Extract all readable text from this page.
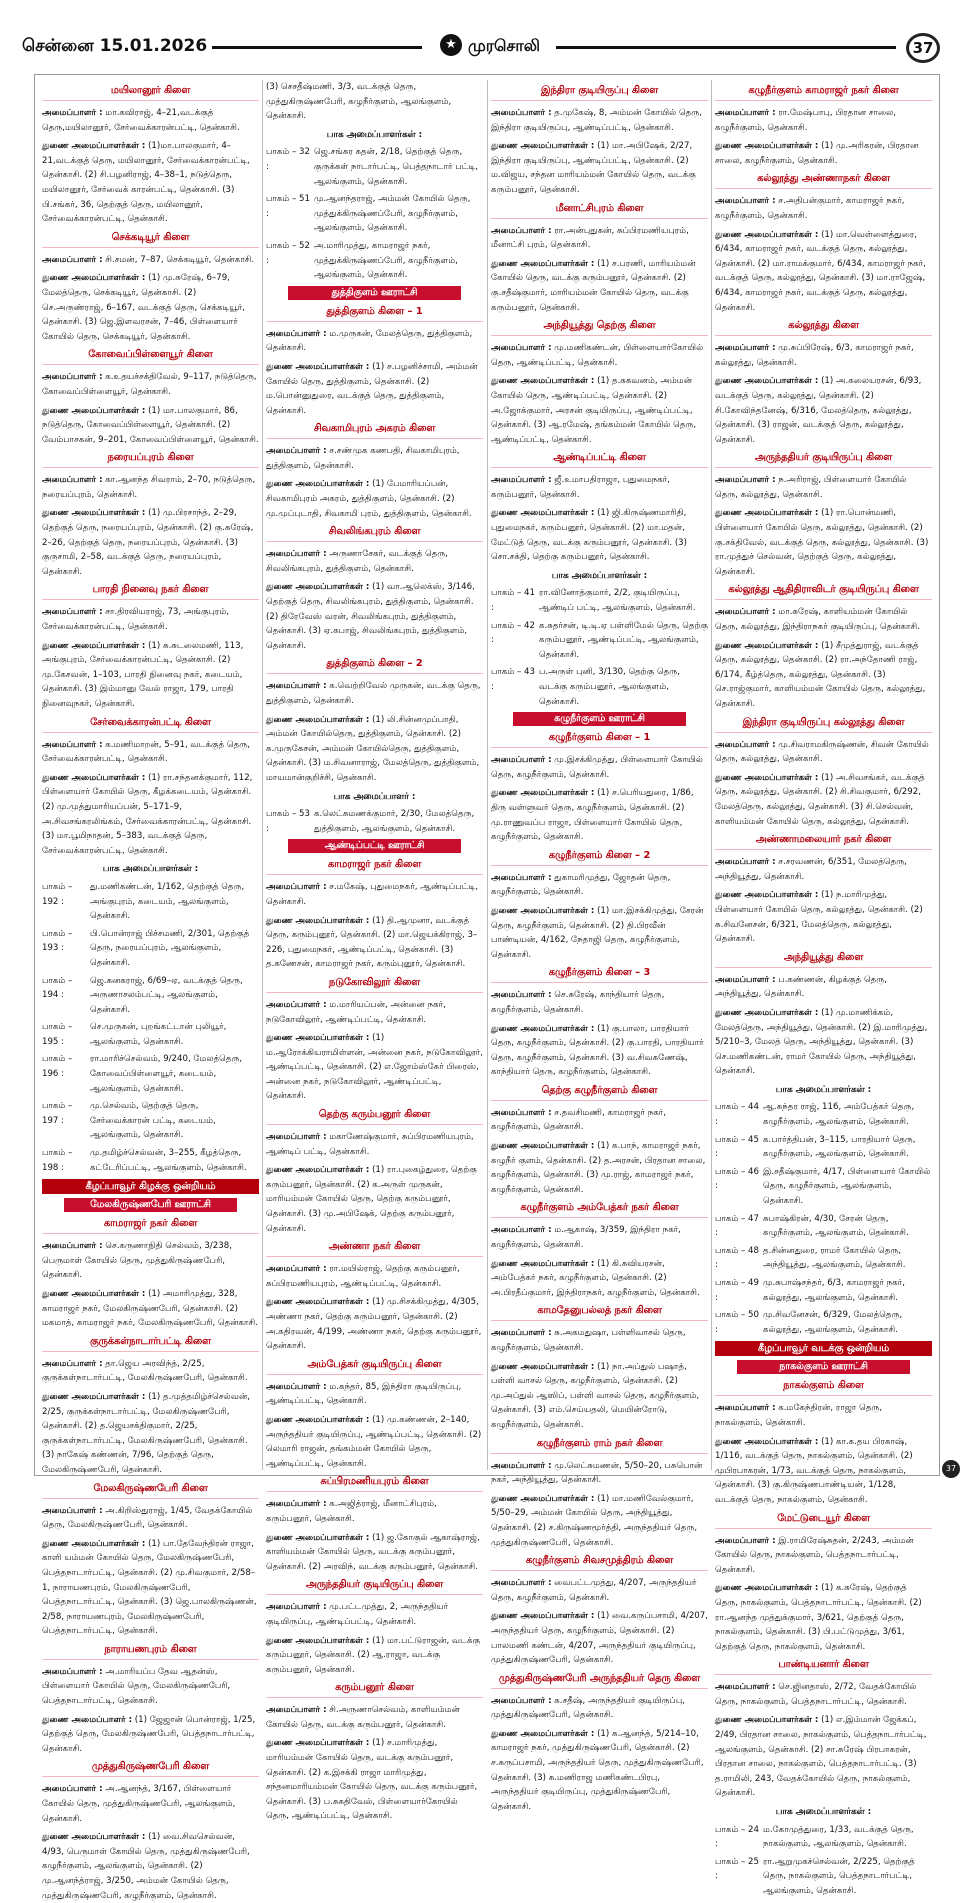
சென்னை 15.01.2026	★ முரசொலி	37
மயிலானூர் கிளை
அமைப்பாளர் : மா.கவிராஜ், 4–21,வடக்குத் தெரு,மயிலானூர், சேர்வைக்காரன்பட்டி, தென்காசி.
துணை அமைப்பாளர்கள் : (1)மா.பாலகுமார், 4–21,வடக்குத் தெரு, மயிலானூர், சேர்வைக்காரன்பட்டி, தென்காசி. (2) சி.பழனிராஜ், 4–38–1, நடுத்தெரு, மயிலானூர், சேர்வைக் காரன்பட்டி, தென்காசி. (3) பி.சங்கர், 36, தெற்குத் தெரு, மயிலானூர், சேர்வைக்காரன்பட்டி, தென்காசி.
செக்கடியூர் கிளை
அமைப்பாளர் : சி.சமன், 7–87, செக்கடியூர், தென்காசி.
துணை அமைப்பாளர்கள் : (1) மு.சுரேஷ், 6–79, மேலத்தெரு, செக்கடியூர், தென்காசி. (2) செ.அருண்ராஜ், 6–167, வடக்குத் தெரு, செக்கடியூர், தென்காசி. (3) ஜெ.இளவரசன், 7–46, பிள்ளையார் கோயில் தெரு, செக்கடியூர், தென்காசி.
கோவைப்பிள்ளையூர் கிளை
அமைப்பாளர் : க.உதயச்சக்திவேல், 9–117, நடுத்தெரு, கோவைப்பிள்ளையூர், தென்காசி.
துணை அமைப்பாளர்கள் : (1) மா.பாலகுமார், 86, நடுத்தெரு, கோவைப்பிள்ளையூர், தென்காசி. (2) வேம்பாசகன், 9–201, கோவைப்பிள்ளையூர், தென்காசி.
நரையப்புரம் கிளை
அமைப்பாளர் : கா.ஆனந்த சிவராம், 2–70, நடுத்தெரு, நரையப்புரம், தென்காசி.
துணை அமைப்பாளர்கள் : (1) மு.பிரசாந்த், 2–29, தெற்குத் தெரு, நரையப்புரம், தென்காசி. (2) கு.சுரேஷ், 2–26, தெற்குத் தெரு, நரையப்புரம், தென்காசி. (3) குருசாமி, 2–58, வடக்குத் தெரு, நரையப்புரம், தென்காசி.
பாரதி நினைவு நகர் கிளை
அமைப்பாளர் : சா.திரவியராஜ், 73, அங்குபுரம், சேர்வைக்காரன்பட்டி, தென்காசி.
துணை அமைப்பாளர்கள் : (1) சு.சுடலைமணி, 113, அங்குபுரம், சேர்வைக்காரன்பட்டி, தென்காசி. (2) மு.கேசவன், 1–103, பாரதி நினைவு நகர், கடையம், தென்காசி. (3) இம்மானு வேல் ராஜா, 179, பாரதி நினைவுநகர், தென்காசி.
சேர்வைக்காரன்பட்டி கிளை
அமைப்பாளர் : க.மணிமாறன், 5–91, வடக்குத் தெரு, சேர்வைக்காரன்பட்டி, தென்காசி.
துணை அமைப்பாளர்கள் : (1) ரா.சந்தனக்குமார், 112, பிள்ளையார் கோயில் தெரு, கீழக்கடையம், தென்காசி. (2) மு.முத்துமாரியப்பன், 5–171–9, அ.சிவசங்கரலிங்கம், சேர்வைக்காரன்பட்டி, தென்காசி. (3) மா.பூமிநாதன், 5–383, வடக்குத் தெரு, சேர்வைக்காரன்பட்டி, தென்காசி.
பாக அமைப்பாளர்கள் :
பாகம் – 192 :
து.மணிகண்டன், 1/162, தெற்குத் தெரு, அங்குபுரம், கடையம், ஆலங்குளம், தென்காசி.
பாகம் – 193 :
பி.பொன்ராஜ் பிச்சமணி, 2/301, தெற்குத் தெரு, நரையப்புரம், ஆலங்குளம், தென்காசி.
பாகம் – 194 :
ஜெ.கனகராஜ், 6/69–ஏ, வடக்குத் தெரு, அருணாசலம்பட்டி, ஆலங்குளம், தென்காசி.
பாகம் – 195 :
செ.முருகன், புறங்கட்டான் புலியூர், ஆலங்குளம், தென்காசி.
பாகம் – 196 :
ரா.மாரிச்செல்வம், 9/240, மேலத்தெரு, கோவைப்பிள்ளையூர், கடையம், ஆலங்குளம், தென்காசி.
பாகம் – 197 :
மு.செல்வம், தெற்குத் தெரு, சேர்வைக்காரன் பட்டி, கடையம், ஆலங்குளம், தென்காசி.
பாகம் – 198 :
மு.தமிழ்ச்செல்வன், 3–255, கீழத்தெரு, கட்டேரிப்பட்டி, ஆலங்குளம், தென்காசி.
கீழப்பாவூர் கிழக்கு ஒன்றியம்
மேலகிருஷ்ணபேரி ஊராட்சி
காமராஜர் நகர் கிளை
அமைப்பாளர் : செ.கருணாநிதி செல்வம், 3/238, பெருமாள் கோயில் தெரு, முத்துகிருஷ்ணபேரி, தென்காசி.
துணை அமைப்பாளர்கள் : (1) அமாரிமுத்து, 328, காமராஜர் நகர், மேலகிருஷ்ணபேரி, தென்காசி. (2) மகமாத், காமராஜர் நகர், மேலகிருஷ்ணபேரி, தென்காசி.
குருக்கள்நாடார்பட்டி கிளை
அமைப்பாளர் : தா.ஜெய அரவிந்த், 2/25, குருக்கள்நாடார்பட்டி, மேலகிருஷ்ணபேரி, தென்காசி.
துணை அமைப்பாளர்கள் : (1) த.முத்தமிழ்ச்செல்வன், 2/25, குருக்கள்நாடார்பட்டி, மேலகிருஷ்ணபேரி, தென்காசி. (2) த.ஜெயசக்திகுமார், 2/25, குருக்கள்நாடார்பட்டி, மேலகிருஷ்ணபேரி, தென்காசி. (3) நாகேஷ் கண்ணன், 7/96, தெற்குத் தெரு, மேலகிருஷ்ணபேரி, தென்காசி.
மேலகிருஷ்ணபேரி கிளை
அமைப்பாளர் : அ.கிறிஸ்துராஜ், 1/45, வேதக்கோயில் தெரு, மேலகிருஷ்ணபேரி, தென்காசி.
துணை அமைப்பாளர்கள் : (1) பா.தேவேந்திரன் ராஜா, காளி யம்மன் கோயில் தெரு, மேலகிருஷ்ணபேரி, பெத்தநாடார்பட்டி, தென்காசி. (2) மு.சிவகுமார், 2/58–1, நாராயணபுரம், மேலகிருஷ்ணபேரி, பெத்தநாடார்பட்டி, தென்காசி. (3) ஜெ.பாலகிருஷ்ணன், 2/58, நாராயணபுரம், மேலகிருஷ்ணபேரி, பெத்தநாடார்பட்டி, தென்காசி.
நாராயணபுரம் கிளை
அமைப்பாளர் : அ.மாரியப்ப தேவ ஆதன்ஸ், பிள்ளையார் கோயில் தெரு, மேலகிருஷ்ணபேரி, பெத்தநாடார்பட்டி, தென்காசி.
துணை அமைப்பாளர் : (1) ஜேஜான் பொன்ராஜ், 1/25, தெற்குத் தெரு, மேலகிருஷ்ணபேரி, பெத்தநாடார்பட்டி, தென்காசி.
முத்துகிருஷ்ணபேரி கிளை
அமைப்பாளர் : அ.ஆனந்த், 3/167, பிள்ளையார் கோயில் தெரு, முத்துகிருஷ்ணபேரி, ஆலங்குளம், தென்காசி.
துணை அமைப்பாளர்கள் : (1) வை.சிவசெல்வன், 4/93, பெருமாள் கோயில் தெரு, முத்துகிருஷ்ணபேரி, கழுநீர்குளம், ஆலங்குளம், தென்காசி. (2) மு.ஆனந்த்ராஜ், 3/250, அம்மன் கோயில் தெரு, முத்துகிருஷ்ணபேரி, கழுநீர்குளம், தென்காசி.
(3) செசதீஷ்மணி, 3/3, வடக்குத் தெரு, முத்துகிருஷ்ணபேரி, கழுநீர்குளம், ஆலங்குளம், தென்காசி.
பாக அமைப்பாளர்கள் :
பாகம் – 32 :
ஜெ.சங்கர கதன், 2/18, தெற்குத் தெரு, குருக்கள் நாடார்பட்டி, பெத்தநாடார் பட்டி, ஆலங்குளம், தென்காசி.
பாகம் – 51 :
மு.ஆனந்தராஜ், அம்மன் கோயில் தெரு, முத்துக்கிருஷ்ணப்பேரி, கழுநீர்குளம், ஆலங்குளம், தென்காசி.
பாகம் – 52 :
அ.மாரிமுத்து, காமராஜர் நகர், முத்துக்கிருஷ்ணப்பேரி, கழுநீர்குளம், ஆலங்குளம், தென்காசி.
துத்திகுளம் ஊராட்சி
துத்திகுளம் கிளை – 1
அமைப்பாளர் : ம.முருகன், மேலத்தெரு, துத்திகுளம், தென்காசி.
துணை அமைப்பாளர்கள் : (1) ச.பழனிச்சாமி, அம்மன் கோயில் தெரு, துத்திகுளம், தென்காசி. (2) ம.பொன்னுதுரை, வடக்குத் தெரு, துத்திகுளம், தென்காசி.
சிவகாமிபுரம் அகரம் கிளை
அமைப்பாளர் : ச.சண்முக கணபதி, சிவகாமிபுரம், துத்திகுளம், தென்காசி.
துணை அமைப்பாளர்கள் : (1) பேமாரியப்பன், சிவகாமிபுரம் அகரம், துத்திகுளம், தென்காசி. (2) மு.முப்புடாதி, சிவகாமி புரம், துத்திகுளம், தென்காசி.
சிவலிங்கபுரம் கிளை
அமைப்பாளர் : அருணாசேகர், வடக்குத் தெரு, சிவலிங்கபுரம், துத்திகுளம், தென்காசி.
துணை அமைப்பாளர்கள் : (1) வா.ஆலெக்ஸ், 3/146, தெற்குத் தெரு, சிவலிங்கபுரம், துத்திகுளம், தென்காசி. (2) திரேவேஸ் வரன், சிவலிங்கபுரம், துத்திகுளம், தென்காசி. (3) ஏ.கபாஜ், சிவலிங்கபுரம், துத்திகுளம், தென்காசி.
துத்திகுளம் கிளை – 2
அமைப்பாளர் : க.வெற்றிவேல் முருகன், வடக்கு தெரு, துத்திகுளம், தென்காசி.
துணை அமைப்பாளர்கள் : (1) லி.சின்னமுப்பாதி, அம்மன் கோயில்தெரு, துத்திகுளம், தென்காசி. (2) க.முருகேசன், அம்மன் கோயில்தெரு, துத்திகுளம், தென்காசி. (3) ம.சிவனாராஜ், மேலத்தெரு, துத்திகுளம், மாயமான்குறிச்சி, தென்காசி.
பாக அமைப்பாளர் :
பாகம் – 53 :
க.லெட்சுமணக்குமார், 2/30, மேலத்தெரு, துத்திகுளம், ஆலங்குளம், தென்காசி.
ஆண்டிப்பட்டி ஊராட்சி
காமராஜர் நகர் கிளை
அமைப்பாளர் : ச.மகேஷ், புதுமைநகர், ஆண்டிப்பட்டி, தென்காசி.
துணை அமைப்பாளர்கள் : (1) தி.ஆமுனா, வடக்குத் தெரு, கரும்புனூர், தென்காசி. (2) மா.ஜெயக்கிராஜ், 3–226, புதுமைநகர், ஆண்டிப்பட்டி, தென்காசி. (3) த.கணேசன், காமராஜர் நகர், கரும்புனூர், தென்காசி.
நடுகோவிலூர் கிளை
அமைப்பாளர் : ம.மாரியப்பன், அன்னை நகர், நடுகோவிலூர், ஆண்டிப்பட்டி, தென்காசி.
துணை அமைப்பாளர்கள் : (1) ம.ஆரோக்கியராமிள்ளன், அன்னை நகர், நடுகோவிலூர், ஆண்டிப்பட்டி, தென்காசி. (2) எ.ஜோம்ஸ்கேர் பிரைஸ், அன்னை நகர், நடுகோவிலூர், ஆண்டிப்பட்டி, தென்காசி.
தெற்கு கரும்பனூர் கிளை
அமைப்பாளர் : மகாணேஷ்குமார், சுப்பிரமணியபுரம், ஆண்டிப் பட்டி, தென்காசி.
துணை அமைப்பாளர்கள் : (1) ரா.புகைழ்துரை, தெற்கு கரும்பனூர், தென்காசி. (2) க.அருள் முருகன், மாரியம்மன் கோயில் தெரு, தெற்கு கரும்பனூர், தென்காசி. (3) மு.அபிஷேக், தெற்கு கரும்பனூர், தென்காசி.
அண்ணா நகர் கிளை
அமைப்பாளர் : ரா.மயில்ராஜ், தெற்கு கரும்பனூர், சுப்பிரமணியபுரம், ஆண்டிப்பட்டி, தென்காசி.
துணை அமைப்பாளர்கள் : (1) மு.சிசக்கிமுத்து, 4/305, அண்ணா நகர், தெற்கு கரும்பனூர், தென்காசி. (2) அ.கதிரவன், 4/199, அண்ணா நகர், தெற்கு கரும்பனூர், தென்காசி.
அம்பேத்கர் குடியிருப்பு கிளை
அமைப்பாளர் : ம.கந்தர், 85, இந்திரா குடியிருப்பு, ஆண்டிப்பட்டி, தென்காசி.
துணை அமைப்பாளர்கள் : (1) மு.கண்ணன், 2–140, அருந்ததியர் குடியிருப்பு, ஆண்டிப்பட்டி, தென்காசி. (2) லெமாரி ராஜன், தங்கம்மன் கோயில் தெரு, ஆண்டிப்பட்டி, தென்காசி.
சுப்பிரமணியபுரம் கிளை
அமைப்பாளர் : க.அஜித்ராஜ், மீனாட்சிபுரம், கரும்பனூர், தென்காசி.
துணை அமைப்பாளர்கள் : (1) ஜ.கோகுல் ஆகாஷ்ராஜ், காளியம்மன் கோயில் தெரு, வடக்கு கரும்பனூர், தென்காசி. (2) அரவிந், வடக்கு கரும்பனூர், தென்காசி.
அருந்ததியர் குடியிருப்பு கிளை
அமைப்பாளர் : மு.பட்டமுத்து, 2, அருந்ததியர் குடியிருப்பு, ஆண்டிப்பட்டி, தென்காசி.
துணை அமைப்பாளர்கள் : (1) மா.பட்டுராஜன், வடக்கு கரும்பனூர், தென்காசி. (2) ஆ.ராஜா, வடக்கு கரும்பனூர், தென்காசி.
கரும்பனூர் கிளை
அமைப்பாளர் : சி.அருணாசெல்வம், காளியம்மன் கோயில் தெரு, வடக்கு கரும்பனூர், தென்காசி.
துணை அமைப்பாளர்கள் : (1) ச.மாரிமுத்து, மாரியம்மன் கோயில் தெரு, வடக்கு கரும்பனூர், தென்காசி. (2) க.இசக்கி ராஜா மாரிமுத்து, சந்தனமாரியம்மன் கோயில் தெரு, வடக்கு கரும்பனூர், தென்காசி. (3) ப.சுகதிவேல், பிள்ளையார்கோயில் தெரு, ஆண்டிப்பட்டி, தென்காசி.
இந்திரா குடியிருப்பு கிளை
அமைப்பாளர் : த.முகேஷ், 8, அம்மன் கோயில் தெரு, இந்திரா குடியிருப்பு, ஆண்டிப்பட்டி, தென்காசி.
துணை அமைப்பாளர்கள் : (1) மா.அபிஷேக், 2/27, இந்திரா குடியிருப்பு, ஆண்டிப்பட்டி, தென்காசி. (2) ம.விஜய, சந்தன மாரியம்மன் கோயில் தெரு, வடக்கு கரும்பனூர், தென்காசி.
மீனாட்சிபுரம் கிளை
அமைப்பாளர் : ரா.அன்புதுகன், சுப்பிரமணியபுரம், மீனாட்சி புரம், தென்காசி.
துணை அமைப்பாளர்கள் : (1) ச.பரணி, மாரியம்மன் கோயில் தெரு, வடக்கு கரும்பனூர், தென்காசி. (2) கு.சதீஷ்குமார், மாரியம்மன் கோயில் தெரு, வடக்கு கரும்பனூர், தென்காசி.
அந்தியூத்து தெற்கு கிளை
அமைப்பாளர் : மு.மணிகண்டன், பிள்ளையார்கோயில் தெரு, ஆண்டிப்பட்டி, தென்காசி.
துணை அமைப்பாளர்கள் : (1) த.சுகவனம், அம்மன் கோயில் தெரு, ஆண்டிப்பட்டி, தென்காசி. (2) அ.ஜோக்குமார், அரசன் குடியிருப்பு, ஆண்டிப்பட்டி, தென்காசி. (3) ஆ.ரமேஷ், தங்கம்மன் கோயில் தெரு, ஆண்டிப்பட்டி, தென்காசி.
ஆண்டிப்பட்டி கிளை
அமைப்பாளர் : ஜீ.உமாபதிராஜா, புதுமைநகர், கரும்பனூர், தென்காசி.
துணை அமைப்பாளர்கள் : (1) ஜி.கிருஷ்ணமாரிதி, புதுமைநகர், கரும்பனூர், தென்காசி. (2) மா.மதன், மேட்டுத் தெரு, வடக்கு கரும்பனூர், தென்காசி. (3) சொ.சக்தி, தெற்கு கரும்பனூர், தென்காசி.
பாக அமைப்பாளர்கள் :
பாகம் – 41 :
ரா.வினோத்குமார், 2/2, குடியிருப்பு, ஆண்டிப் பட்டி, ஆலங்குளம், தென்காசி.
பாகம் – 42 :
க.சுதர்சன், டி.டி.ஏ பள்ளிமேல் தெரு, தெற்கு கரும்பனூர், ஆண்டிப்பட்டி, ஆலங்குளம், தென்காசி.
பாகம் – 43 :
ப.அருள் புனி, 3/130, தெற்கு தெரு, வடக்கு கரும்பனூர், ஆலங்குளம், தென்காசி.
கழுநீர்குளம் ஊராட்சி
கழுநீர்குளம் கிளை – 1
அமைப்பாளர் : மு.இசக்கிமுத்து, பிள்ளையார் கோயில் தெரு, கழுநீர்குளம், தென்காசி.
துணை அமைப்பாளர்கள் : (1) ச.பெரியதுரை, 1/86, திரு வள்ளுவர் தெரு, கழுநீர்குளம், தென்காசி. (2) மு.ராணுவப்ப ராஜா, பிள்ளையார் கோயில் தெரு, கழுநீர்குளம், தென்காசி.
கழுநீர்குளம் கிளை – 2
அமைப்பாளர் : துகாமரிமுத்து, ஜோதன் தெரு, கழுநீர்குளம், தென்காசி.
துணை அமைப்பாளர்கள் : (1) மா.இசக்கிமுத்து, சேரன் தெரு, கழுநீர்குளம், தென்காசி. (2) தி.பிரவீன் பாண்டியன், 4/162, நேதாஜி தெரு, கழுநீர்குளம், தென்காசி.
கழுநீர்குளம் கிளை – 3
அமைப்பாளர் : செ.சுரேஷ், காந்தியார் தெரு, கழுநீர்குளம், தென்காசி.
துணை அமைப்பாளர்கள் : (1) கு.பாலா, பாரதியார் தெரு, கழுநீர்குளம், தென்காசி. (2) கு.பாரதி, பாரதியார் தெரு, கழுநீர்குளம், தென்காசி. (3) வ.சிவகணேஷ், காந்தியார் தெரு, கழுநீர்குளம், தென்காசி.
தெற்கு கழுநீர்குளம் கிளை
அமைப்பாளர் : ச.தவசிமணி, காமராஜர் நகர், கழுநீர்குளம், தென்காசி.
துணை அமைப்பாளர்கள் : (1) க.பாந், காமராஜர் நகர், கழுநீர் குளம், தென்காசி. (2) த.அரசன், பிரதான சாலை, கழுநீர்குளம், தென்காசி. (3) மு.ராஜ், காமராஜர் நகர், கழுநீர்குளம், தென்காசி.
கழுநீர்குளம் அம்பேத்கர் நகர் கிளை
அமைப்பாளர் : ம.ஆகாஷ், 3/359, இந்திரா நகர், கழுநீர்குளம், தென்காசி.
துணை அமைப்பாளர்கள் : (1) கி.சுவியரசன், அம்பேத்கர் நகர், கழுநீர்குளம், தென்காசி. (2) அ.பிரதீப்குமார், இந்திராநகர், கழுநீர்குளம், தென்காசி.
காமதேனுபல்லத் நகர் கிளை
அமைப்பாளர் : சு.அகமதுஷா, பள்ளிவாசல் தெரு, கழுநீர்குளம், தென்காசி.
துணை அமைப்பாளர்கள் : (1) நா.அப்துல் பஷாத், பள்ளி வாசல் தெரு, கழுநீர்குளம், தென்காசி. (2) மு.அப்துல் ஆஸிப், பள்ளி வாசல் தெரு, கழுநீர்குளம், தென்காசி. (3) எம்.செய்யதலி, மெயின்ரோடு, கழுநீர்குளம், தென்காசி.
கழுநீர்குளம் ராம் நகர் கிளை
அமைப்பாளர் : மு.லெட்சுமணன், 5/50–20, பசுபொன் நகர், அந்தியூத்து, தென்காசி.
துணை அமைப்பாளர்கள் : (1) மா.மணிவேல்குமார், 5/50–29, அம்மன் கோயில் தெரு, அந்தியூத்து, தென்காசி. (2) ச.கிருஷ்ணமூர்த்தி, அருந்ததியர் தெரு, முத்துகிருஷ்ணபேரி, தென்காசி.
கழுநீர்குளம் சிவசமுத்திரம் கிளை
அமைப்பாளர் : வைபட்டமுத்து, 4/207, அருந்ததியர் தெரு, கழுநீர்குளம், தென்காசி.
துணை அமைப்பாளர்கள் : (1) வை.கருப்பசாமி, 4/207, அருந்ததியர் தெரு, கழுநீர்குளம், தென்காசி. (2) பாலமணி கண்டன், 4/207, அருந்ததியர் குடியிருப்பு, முத்துகிருஷ்ணபேரி, தென்காசி.
முத்துகிருஷ்ணபேரி அருந்ததியர் தெரு கிளை
அமைப்பாளர் : க.சதீஷ், அருந்ததியர் குடியிருப்பு, முத்துகிருஷ்ணபேரி, தென்காசி.
துணை அமைப்பாளர்கள் : (1) சு.ஆனந்த், 5/214–10, காமராஜர் நகர், முத்துகிருஷ்ணபேரி, தென்காசி. (2) ச.சுருப்பசாமி, அருந்ததியர் தெரு, முத்துகிருஷ்ணபேரி, தென்காசி. (3) சு.மணிராஜ மணிகண்டபிரபு, அருந்ததியர் குடியிருப்பு, முத்துகிருஷ்ணபேரி, தென்காசி.
கழுநீர்குளம் காமராஜர் நகர் கிளை
அமைப்பாளர் : ரா.மேஷ்பாபு, பிரதான சாலை, கழுநீர்குளம், தென்காசி.
துணை அமைப்பாளர்கள் : (1) மு.அரிகரன், பிரதான சாலை, கழுநீர்குளம், தென்காசி.
கல்லூத்து அண்ணாநகர் கிளை
அமைப்பாளர் : ச.அதிபன்குமார், காமராஜர் நகர், கழுநீர்குளம், தென்காசி.
துணை அமைப்பாளர்கள் : (1) மா.வெள்ளைத்துரை, 6/434, காமராஜர் நகர், வடக்குத் தெரு, கல்லூத்து, தென்காசி. (2) மா.ராமக்குமார், 6/434, காமராஜர் நகர், வடக்குத் தெரு, கல்லூத்து, தென்காசி. (3) மா.ராஜேஷ், 6/434, காமராஜர் நகர், வடக்குத் தெரு, கல்லூத்து, தென்காசி.
கல்லூத்து கிளை
அமைப்பாளர் : மு.சுப்பிரேஷ், 6/3, காமராஜர் நகர், கல்லூத்து, தென்காசி.
துணை அமைப்பாளர்கள் : (1) அ.கலையரசன், 6/93, வடக்குத் தெரு, கல்லூத்து, தென்காசி. (2) சி.கோவிந்தனேஷ், 6/316, மேலத்தெரு, கல்லூத்து, தென்காசி. (3) ராஜன், வடக்குத் தெரு, கல்லூத்து, தென்காசி.
அருந்ததியர் குடியிருப்பு கிளை
அமைப்பாளர் : ந.அரிராஜ், பிள்ளையார் கோயில் தெரு, கல்லூத்து, தென்காசி.
துணை அமைப்பாளர்கள் : (1) ரா.பொன்மணி, பிள்ளையார் கோயில் தெரு, கல்லூத்து, தென்காசி. (2) கு.சக்திவேல், வடக்குத் தெரு, கல்லூத்து, தென்காசி. (3) ரா.முத்துச் செல்வன், தெற்குத் தெரு, கல்லூத்து, தென்காசி.
கல்லூத்து ஆதிதிராவிடர் குடியிருப்பு கிளை
அமைப்பாளர் : மா.சுரேஷ், காளியம்மன் கோயில் தெரு, கல்லூத்து, இந்திராநகர் குடியிருப்பு, தென்காசி.
துணை அமைப்பாளர்கள் : (1) சீமுத்துராஜ், வடக்குத் தெரு, கல்லூத்து, தென்காசி. (2) ரா.அந்தோணி ராஜ், 6/174, கீழ்த்தெரு, கல்லூத்து, தென்காசி. (3) செ.ராஜ்குமார், காளியம்மன் கோயில் தெரு, கல்லூத்து, தென்காசி.
இந்திரா குடியிருப்பு கல்லூத்து கிளை
அமைப்பாளர் : மு.சிவராமகிருஷ்ணன், சிவன் கோயில் தெரு, கல்லூத்து, தென்காசி.
துணை அமைப்பாளர்கள் : (1) அ.சிவசங்கர், வடக்குத் தெரு, கல்லூத்து, தென்காசி. (2) சி.சிவகுமார், 6/292, மேலத்தெரு, கல்லூத்து, தென்காசி. (3) சி.செல்வன், காளியம்மன் கோயில் தெரு, கல்லூத்து, தென்காசி.
அண்ணாமலையார் நகர் கிளை
அமைப்பாளர் : ச.சரவணன், 6/351, மேலத்தெரு, அந்தியூத்து, தென்காசி.
துணை அமைப்பாளர்கள் : (1) ந.மாரிமுத்து, பிள்ளையார் கோயில் தெரு, கல்லூத்து, தென்காசி. (2) சு.சிவனேசன், 6/321, மேலத்தெரு, கல்லூத்து, தென்காசி.
அந்தியூத்து கிளை
அமைப்பாளர் : ப.கண்ணன், கிழக்குத் தெரு, அந்தியூத்து, தென்காசி.
துணை அமைப்பாளர்கள் : (1) மு.மாணிக்கம், மேலத்தெரு, அந்தியூத்து, தென்காசி. (2) இ.மாரிமுத்து, 5/210–3, மேலத் தெரு, அந்தியூத்து, தென்காசி. (3) செ.மணிகண்டன், ராமர் கோயில் தெரு, அந்தியூத்து, தென்காசி.
பாக அமைப்பாளர்கள் :
பாகம் – 44 :
ஆ.சுந்தர ராஜ், 116, அம்பேத்கர் தெரு, கழுநீர்குளம், ஆலங்குளம், தென்காசி.
பாகம் – 45 :
க.பார்த்திபன், 3–115, பாரதியார் தெரு, கழுநீர்குளம், ஆலங்குளம், தென்காசி.
பாகம் – 46 :
இ.சதீஷ்குமார், 4/17, பிள்ளையார் கோயில் தெரு, கழுநீர்குளம், ஆலங்குளம், தென்காசி.
பாகம் – 47 :
சுபாஷ்கிரன், 4/30, சேரன் தெரு, கழுநீர்குளம், ஆலங்குளம், தென்காசி.
பாகம் – 48 :
த.சின்னதுரை, ராமர் கோயில் தெரு, அந்தியூத்து, ஆலங்குளம், தென்காசி.
பாகம் – 49 :
மு.சுபாஷ்சந்தர், 6/3, காமராஜர் நகர், கல்லூத்து, ஆலங்குளம், தென்காசி.
பாகம் – 50 :
மு.சிவனேசன், 6/329, மேலத்தெரு, கல்லூத்து, ஆலங்குளம், தென்காசி.
கீழப்பாவூர் வடக்கு ஒன்றியம்
நாகல்குளம் ஊராட்சி
நாகல்குளம் கிளை
அமைப்பாளர் : க.மகேந்திரன், ராஜா தெரு, நாகல்குளம், தென்காசி.
துணை அமைப்பாளர்கள் : (1) கா.க.தய பிரகாஷ், 1/116, வடக்குத் தெரு, நாகல்குளம், தென்காசி. (2) முபிரபாகரன், 1/73, வடக்குத் தெரு, நாகல்குளம், தென்காசி. (3) கு.கிருஷ்ணபாண்டியன், 1/128, வடக்குத் தெரு, நாகல்குளம், தென்காசி.
மேட்டுடையூர் கிளை
அமைப்பாளர் : இ.ராமிரேஷ்சுதன், 2/243, அம்மன் கோயில் தெரு, நாகல்குளம், பெத்தநாடார்பட்டி, தென்காசி.
துணை அமைப்பாளர்கள் : (1) க.சுரேஷ், தெற்குத் தெரு, நாகல்குளம், பெத்தநாடார்பட்டி, தென்காசி. (2) ரா.ஆனந்த முத்துக்குமார், 3/621, தெற்குத் தெரு, நாகல்குளம், தென்காசி. (3) பி.பட்டுமுத்து, 3/61, தெற்குத் தெரு, நாகல்குளம், தென்காசி.
பாண்டியனார் கிளை
அமைப்பாளர் : செ.ஜினதாஸ், 2/72, வேதக்கோயில் தெரு, நாகல்குளம், பெத்தநாடார்பட்டி, தென்காசி.
துணை அமைப்பாளர்கள் : (1) எ.இம்மான் ஜேக்கப், 2/49, பிரதான சாலை, நாகல்குளம், பெத்தநாடார்பட்டி, ஆலங்குளம், தென்காசி. (2) சா.சுரேஷ் பிரபாகரன், பிரதான சாலை, நாகல்குளம், பெத்தநாடார்பட்டி. (3) த.ராமிலி, 243, வேதக்கோயில் தெரு, நாகல்குளம், தென்காசி.
பாக அமைப்பாளர்கள் :
பாகம் – 24 :
ம.கோமுத்துரை, 1/33, வடக்குத் தெரு, நாகல்குளம், ஆலங்குளம், தென்காசி.
பாகம் – 25 :
ரா.ஆறுமுகச்செல்வன், 2/225, தெற்குத் தெரு, நாகல்குளம், பெத்தநாடார்பட்டி, ஆலங்குளம், தென்காசி.
37
